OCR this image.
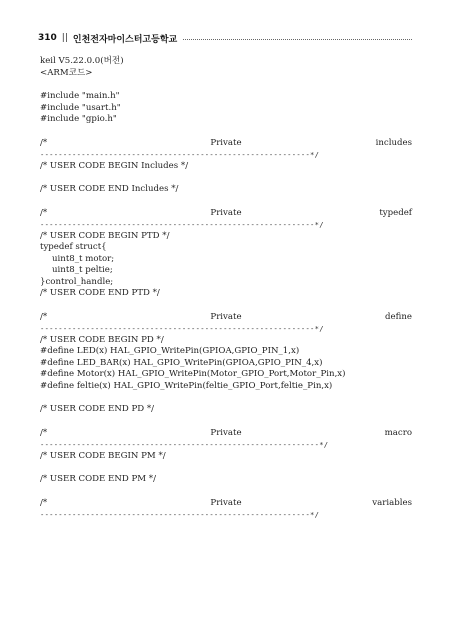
310 || 인천전자마이스터고등학교
keil V5.22.0.0(버전)
<ARM코드>
#include "main.h"
#include "usart.h"
#include "gpio.h"
/*	Private	includes
-----------------------------------------------------------*/
/* USER CODE BEGIN Includes */
/* USER CODE END Includes */
/*	Private	typedef
------------------------------------------------------------*/
/* USER CODE BEGIN PTD */
typedef struct{
uint8_t motor;
uint8_t peltie;
}control_handle;
/* USER CODE END PTD */
/*	Private	define
------------------------------------------------------------*/
/* USER CODE BEGIN PD */
#define LED(x) HAL_GPIO_WritePin(GPIOA,GPIO_PIN_1,x)
#define LED_BAR(x) HAL_GPIO_WritePin(GPIOA,GPIO_PIN_4,x)
#define Motor(x) HAL_GPIO_WritePin(Motor_GPIO_Port,Motor_Pin,x)
#define feltie(x) HAL_GPIO_WritePin(feltie_GPIO_Port,feltie_Pin,x)
/* USER CODE END PD */
/*	Private	macro
-------------------------------------------------------------*/
/* USER CODE BEGIN PM */
/* USER CODE END PM */
/*	Private	variables
-----------------------------------------------------------*/
